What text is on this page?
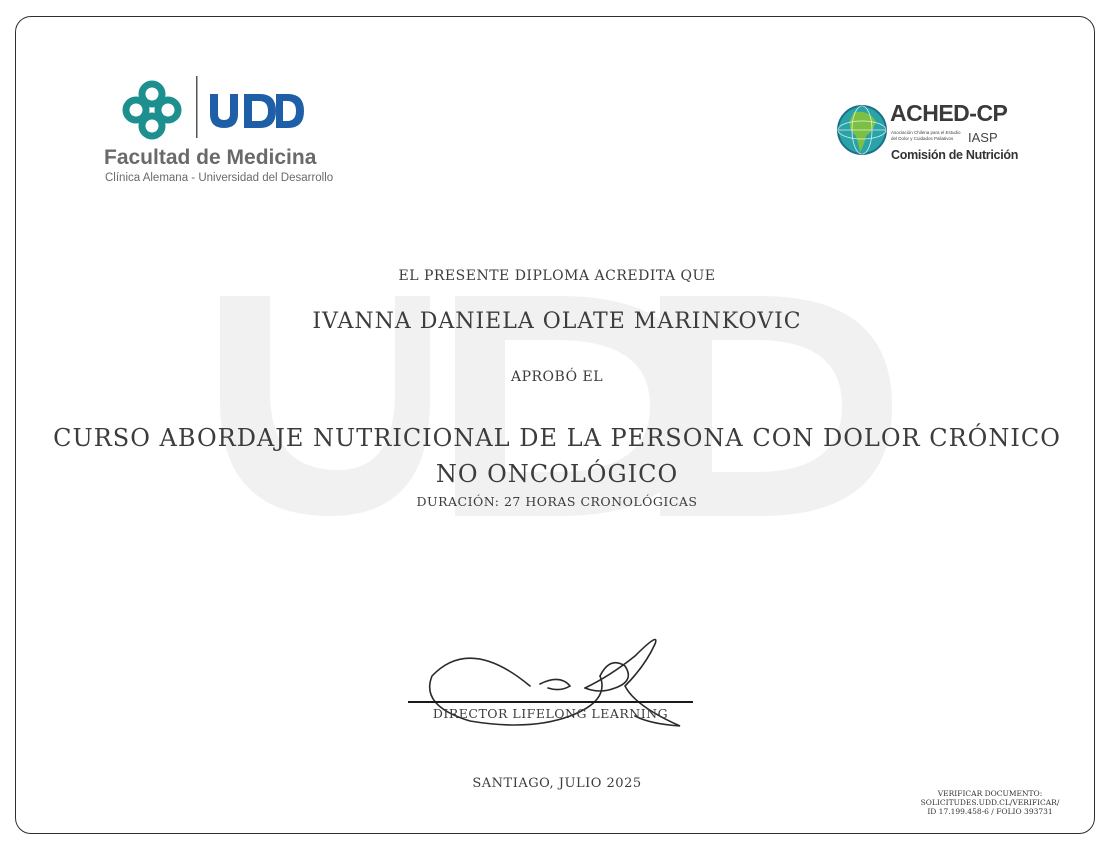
Facultad de Medicina
Clínica Alemana - Universidad del Desarrollo
ACHED-CP
Asociación Chilena para el Estudio del Dolor y Cuidados Paliativos	IASP
Comisión de Nutrición
EL PRESENTE DIPLOMA ACREDITA QUE
IVANNA DANIELA OLATE MARINKOVIC
APROBÓ EL
CURSO ABORDAJE NUTRICIONAL DE LA PERSONA CON DOLOR CRÓNICO
NO ONCOLÓGICO
DURACIÓN: 27 HORAS CRONOLÓGICAS
DIRECTOR LIFELONG LEARNING
SANTIAGO, JULIO 2025
VERIFICAR DOCUMENTO:
SOLICITUDES.UDD.CL/VERIFICAR/
ID 17.199.458-6 / FOLIO 393731
